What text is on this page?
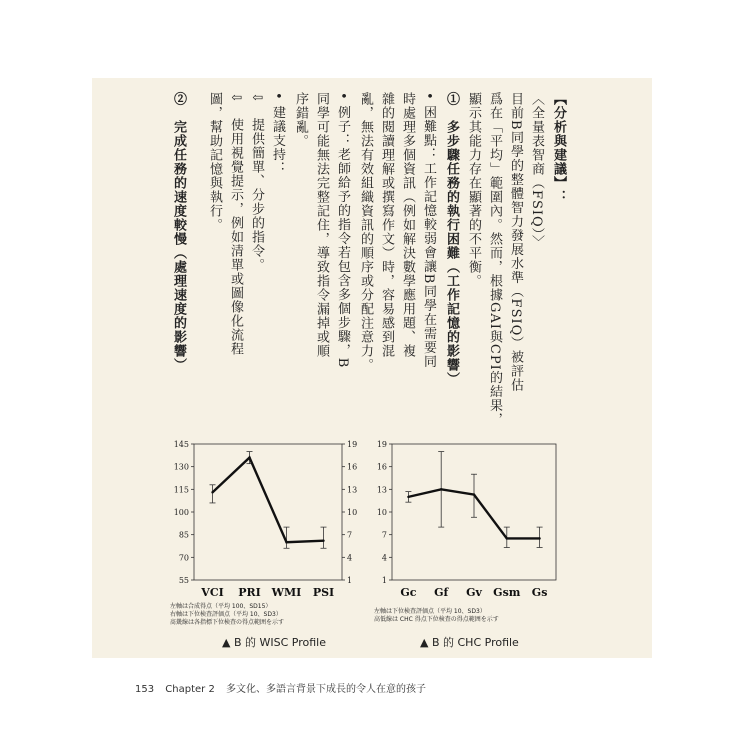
【分析與建議】：
〈全量表智商（FSIQ）〉
目前B同學的整體智力發展水準（FSIQ）被評估
爲在「平均」範圍內。然而，根據GAI與CPI的結果，
顯示其能力存在顯著的不平衡。
①　多步驟任務的執行困難（工作記憶的影響）
• 困難點：工作記憶較弱會讓B同學在需要同
時處理多個資訊（例如解決數學應用題、複
雜的閱讀理解或撰寫作文）時，容易感到混
亂，無法有效組織資訊的順序或分配注意力。
• 例子：老師給予的指令若包含多個步驟，B
同學可能無法完整記住，導致指令漏掉或順
序錯亂。
• 建議支持：
⇩　提供簡單、分步的指令。
⇩　使用視覺提示，例如清單或圖像化流程
圖，幫助記憶與執行。
②　完成任務的速度較慢（處理速度的影響）
145
130
115
100
85
70
55
19
16
13
10
7
4
1
VCI PRI WMI PSI
左軸は合成得点（平均 100、SD15）
右軸は下位検査評価点（平均 10、SD3）
髙㡬線は各指標下位検査の得点範囲を示す
▲ B 的 WISC Profile
19
16
13
10
7
4
1
Gc Gf Gv Gsm Gs
左軸は下位検査評価点（平均 10、SD3）
高低線は CHC 得点下位検査の得点範囲を示す
▲ B 的 CHC Profile
153 Chapter 2 多文化、多語言背景下成長的令人在意的孩子
